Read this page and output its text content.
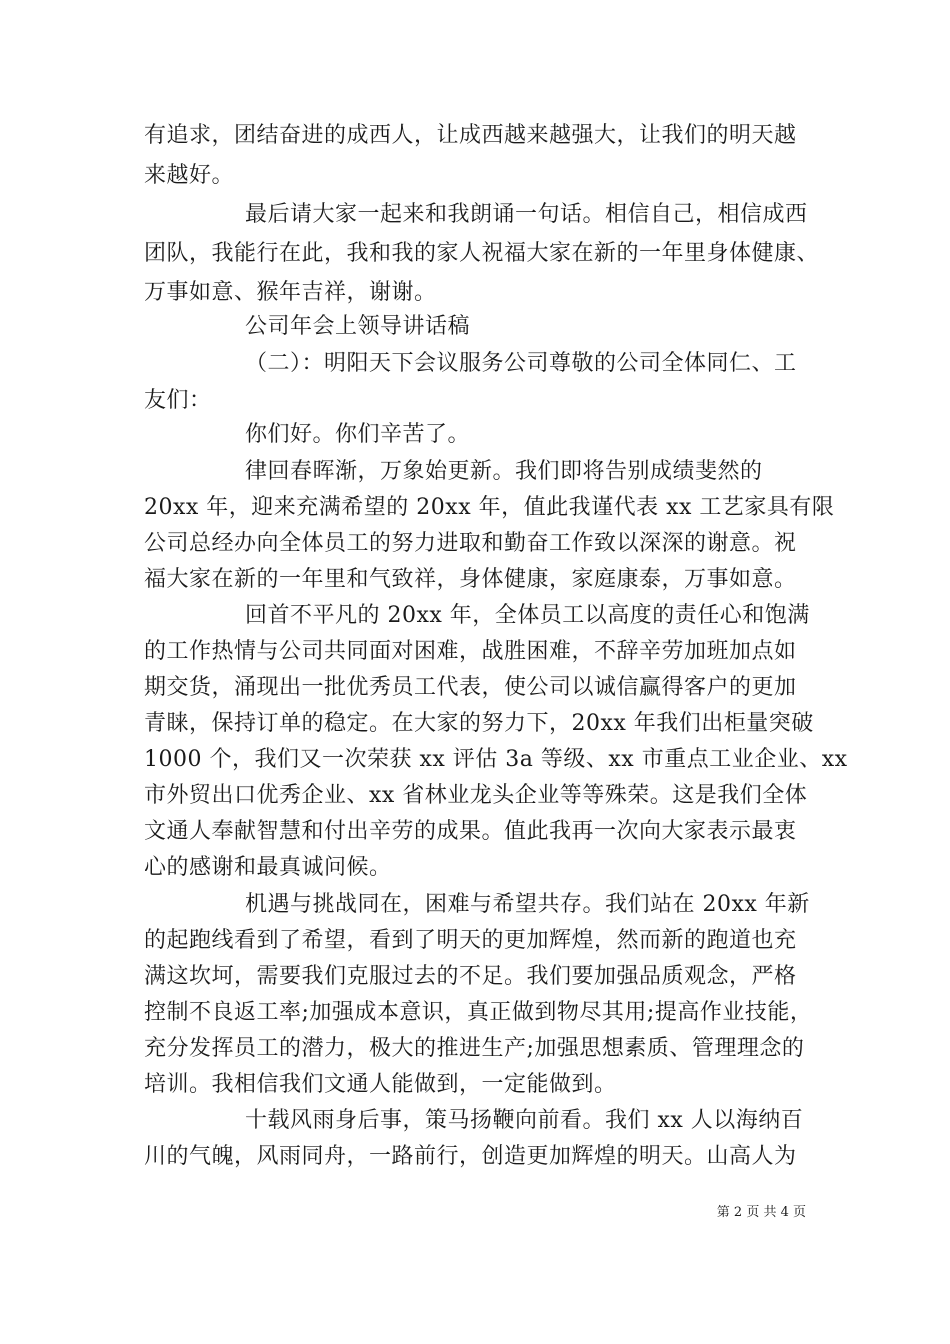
有追求，团结奋进的成西人，让成西越来越强大，让我们的明天越
来越好。
最后请大家一起来和我朗诵一句话。相信自己，相信成西
团队，我能行在此，我和我的家人祝福大家在新的一年里身体健康、
万事如意、猴年吉祥，谢谢。
公司年会上领导讲话稿
（二）：明阳天下会议服务公司尊敬的公司全体同仁、工
友们：
你们好。你们辛苦了。
律回春晖渐，万象始更新。我们即将告别成绩斐然的
20xx 年，迎来充满希望的 20xx 年，值此我谨代表 xx 工艺家具有限
公司总经办向全体员工的努力进取和勤奋工作致以深深的谢意。祝
福大家在新的一年里和气致祥，身体健康，家庭康泰，万事如意。
回首不平凡的 20xx 年，全体员工以高度的责任心和饱满
的工作热情与公司共同面对困难，战胜困难，不辞辛劳加班加点如
期交货，涌现出一批优秀员工代表，使公司以诚信赢得客户的更加
青睐，保持订单的稳定。在大家的努力下，20xx 年我们出柜量突破
1000 个，我们又一次荣获 xx 评估 3a 等级、xx 市重点工业企业、xx
市外贸出口优秀企业、xx 省林业龙头企业等等殊荣。这是我们全体
文通人奉献智慧和付出辛劳的成果。值此我再一次向大家表示最衷
心的感谢和最真诚问候。
机遇与挑战同在，困难与希望共存。我们站在 20xx 年新
的起跑线看到了希望，看到了明天的更加辉煌，然而新的跑道也充
满这坎坷，需要我们克服过去的不足。我们要加强品质观念，严格
控制不良返工率;加强成本意识，真正做到物尽其用;提高作业技能，
充分发挥员工的潜力，极大的推进生产;加强思想素质、管理理念的
培训。我相信我们文通人能做到，一定能做到。
十载风雨身后事，策马扬鞭向前看。我们 xx 人以海纳百
川的气魄，风雨同舟，一路前行，创造更加辉煌的明天。山高人为
第 2 页 共 4 页
